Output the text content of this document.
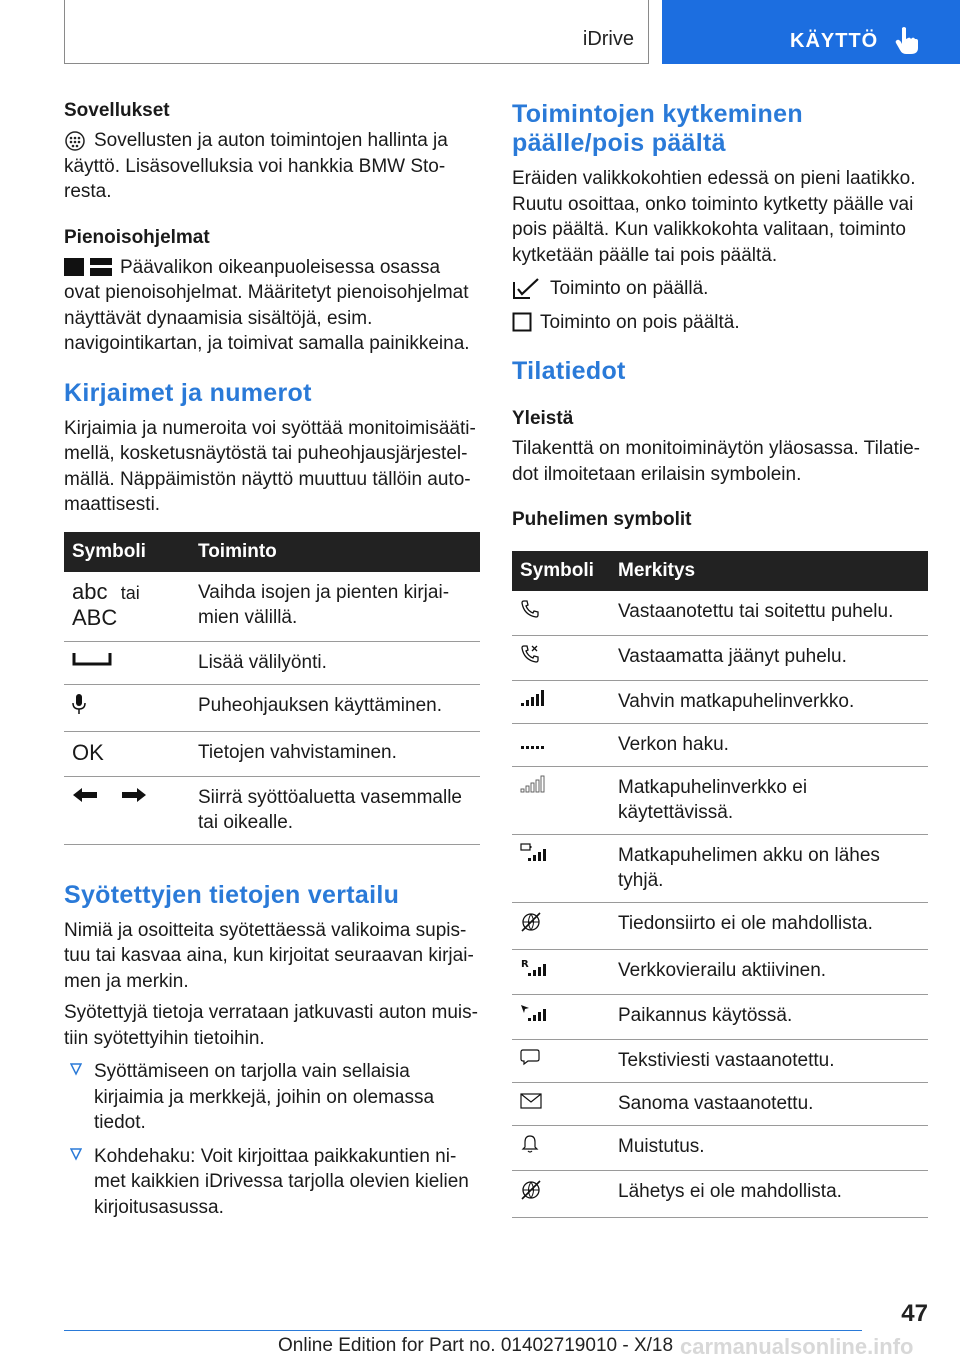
iDrive	KÄYTTÖ
Sovellukset

Sovellusten ja auton toimintojen hallinta ja käyttö. Lisäsovelluksia voi hankkia BMW Storesta.

Pienoisohjelmat

Päävalikon oikeanpuoleisessa osassa ovat pienoisohjelmat. Määritetyt pienoisohjelmat näyttävät dynaamisia sisältöjä, esim. navigointikartan, ja toimivat samalla painikkeina.

Kirjaimet ja numerot

Kirjaimia ja numeroita voi syöttää monitoimisäätimellä, kosketusnäytöstä tai puheohjausjärjestelmällä. Näppäimistön näyttö muuttuu tällöin automaattisesti.

Symboli	Toiminto
abc tai
ABC	Vaihda isojen ja pienten kirjaimien välillä.
	Lisää välilyönti.
	Puheohjauksen käyttäminen.
OK	Tietojen vahvistaminen.
	Siirrä syöttöaluetta vasemmalle tai oikealle.
Syötettyjen tietojen vertailu

Nimiä ja osoitteita syötettäessä valikoima supistuu tai kasvaa aina, kun kirjoitat seuraavan kirjaimen ja merkin.

Syötettyjä tietoja verrataan jatkuvasti auton muistiin syötettyihin tietoihin.

Syöttämiseen on tarjolla vain sellaisia kirjaimia ja merkkejä, joihin on olemassa tiedot.

Kohdehaku: Voit kirjoittaa paikkakuntien nimet kaikkien iDrivessa tarjolla olevien kielien kirjoitusasussa.

Toimintojen kytkeminen päälle/pois päältä

Eräiden valikkokohtien edessä on pieni laatikko. Ruutu osoittaa, onko toiminto kytketty päälle vai pois päältä. Kun valikkokohta valitaan, toiminto kytketään päälle tai pois päältä.

Toiminto on päällä.

Toiminto on pois päältä.

Tilatiedot
Yleistä

Tilakenttä on monitoiminäytön yläosassa. Tilatiedot ilmoitetaan erilaisin symbolein.

Puhelimen symbolit
Symboli	Merkitys
	Vastaanotettu tai soitettu puhelu.
	Vastaamatta jäänyt puhelu.
	Vahvin matkapuhelinverkko.
	Verkon haku.
	Matkapuhelinverkko ei käytettävissä.
	Matkapuhelimen akku on lähes tyhjä.
	Tiedonsiirto ei ole mahdollista.

R	Verkkovierailu aktiivinen.
	Paikannus käytössä.
	Tekstiviesti vastaanotettu.
	Sanoma vastaanotettu.
	Muistutus.
	Lähetys ei ole mahdollista.
47
Online Edition for Part no. 01402719010 - X/18 carmanualsonline.info
